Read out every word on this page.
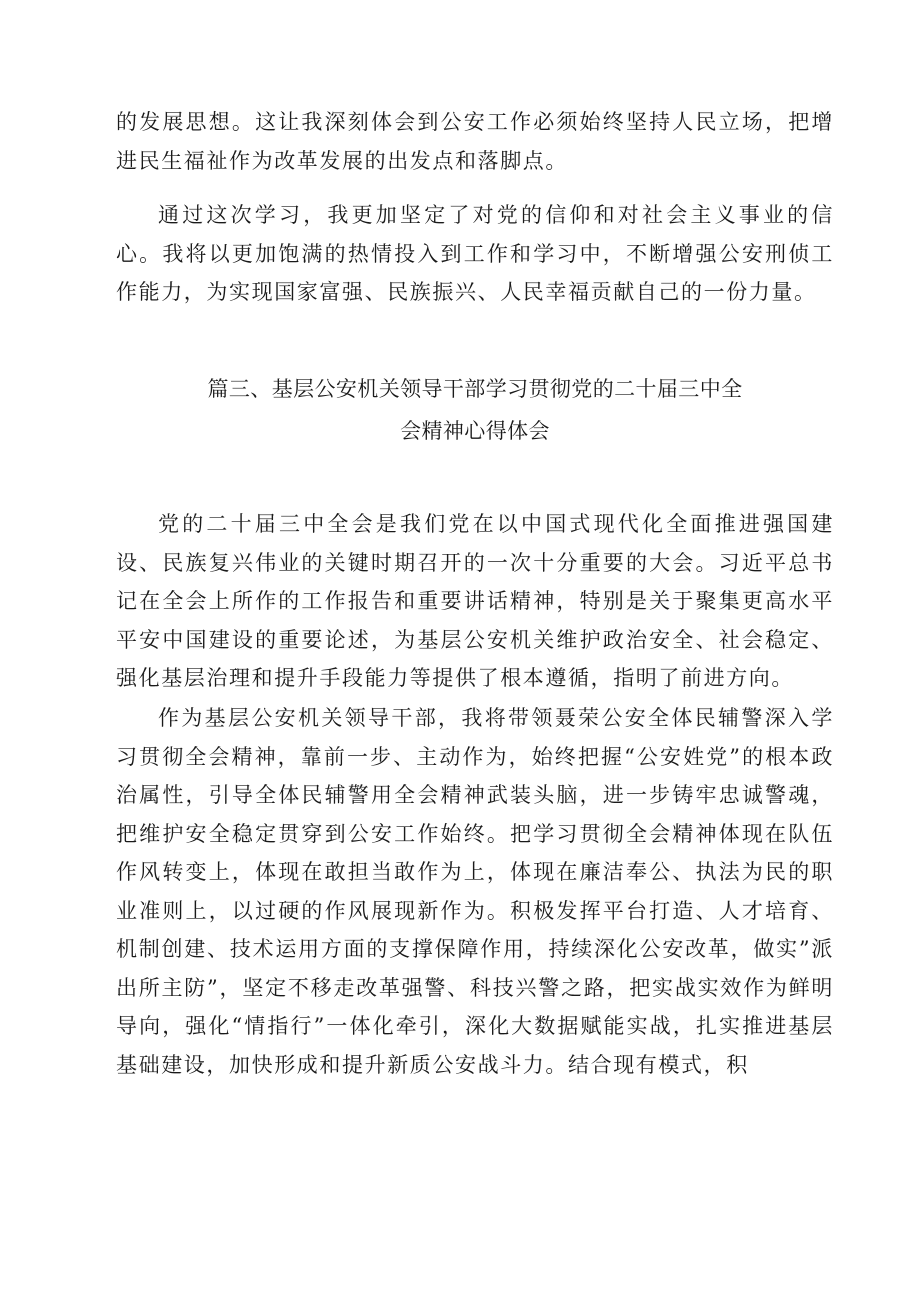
的发展思想。这让我深刻体会到公安工作必须始终坚持人民立场，把增进民生福祉作为改革发展的出发点和落脚点。

通过这次学习，我更加坚定了对党的信仰和对社会主义事业的信心。我将以更加饱满的热情投入到工作和学习中，不断增强公安刑侦工作能力，为实现国家富强、民族振兴、人民幸福贡献自己的一份力量。

篇三、基层公安机关领导干部学习贯彻党的二十届三中全
会精神心得体会

党的二十届三中全会是我们党在以中国式现代化全面推进强国建设、民族复兴伟业的关键时期召开的一次十分重要的大会。习近平总书记在全会上所作的工作报告和重要讲话精神，特别是关于聚集更高水平平安中国建设的重要论述，为基层公安机关维护政治安全、社会稳定、强化基层治理和提升手段能力等提供了根本遵循，指明了前进方向。

作为基层公安机关领导干部，我将带领聂荣公安全体民辅警深入学习贯彻全会精神，靠前一步、主动作为，始终把握“公安姓党”的根本政治属性，引导全体民辅警用全会精神武装头脑，进一步铸牢忠诚警魂，把维护安全稳定贯穿到公安工作始终。把学习贯彻全会精神体现在队伍作风转变上，体现在敢担当敢作为上，体现在廉洁奉公、执法为民的职业准则上，以过硬的作风展现新作为。积极发挥平台打造、人才培育、机制创建、技术运用方面的支撑保障作用，持续深化公安改革，做实”派出所主防”，坚定不移走改革强警、科技兴警之路，把实战实效作为鲜明导向，强化“情指行”一体化牵引，深化大数据赋能实战，扎实推进基层基础建设，加快形成和提升新质公安战斗力。结合现有模式，积
